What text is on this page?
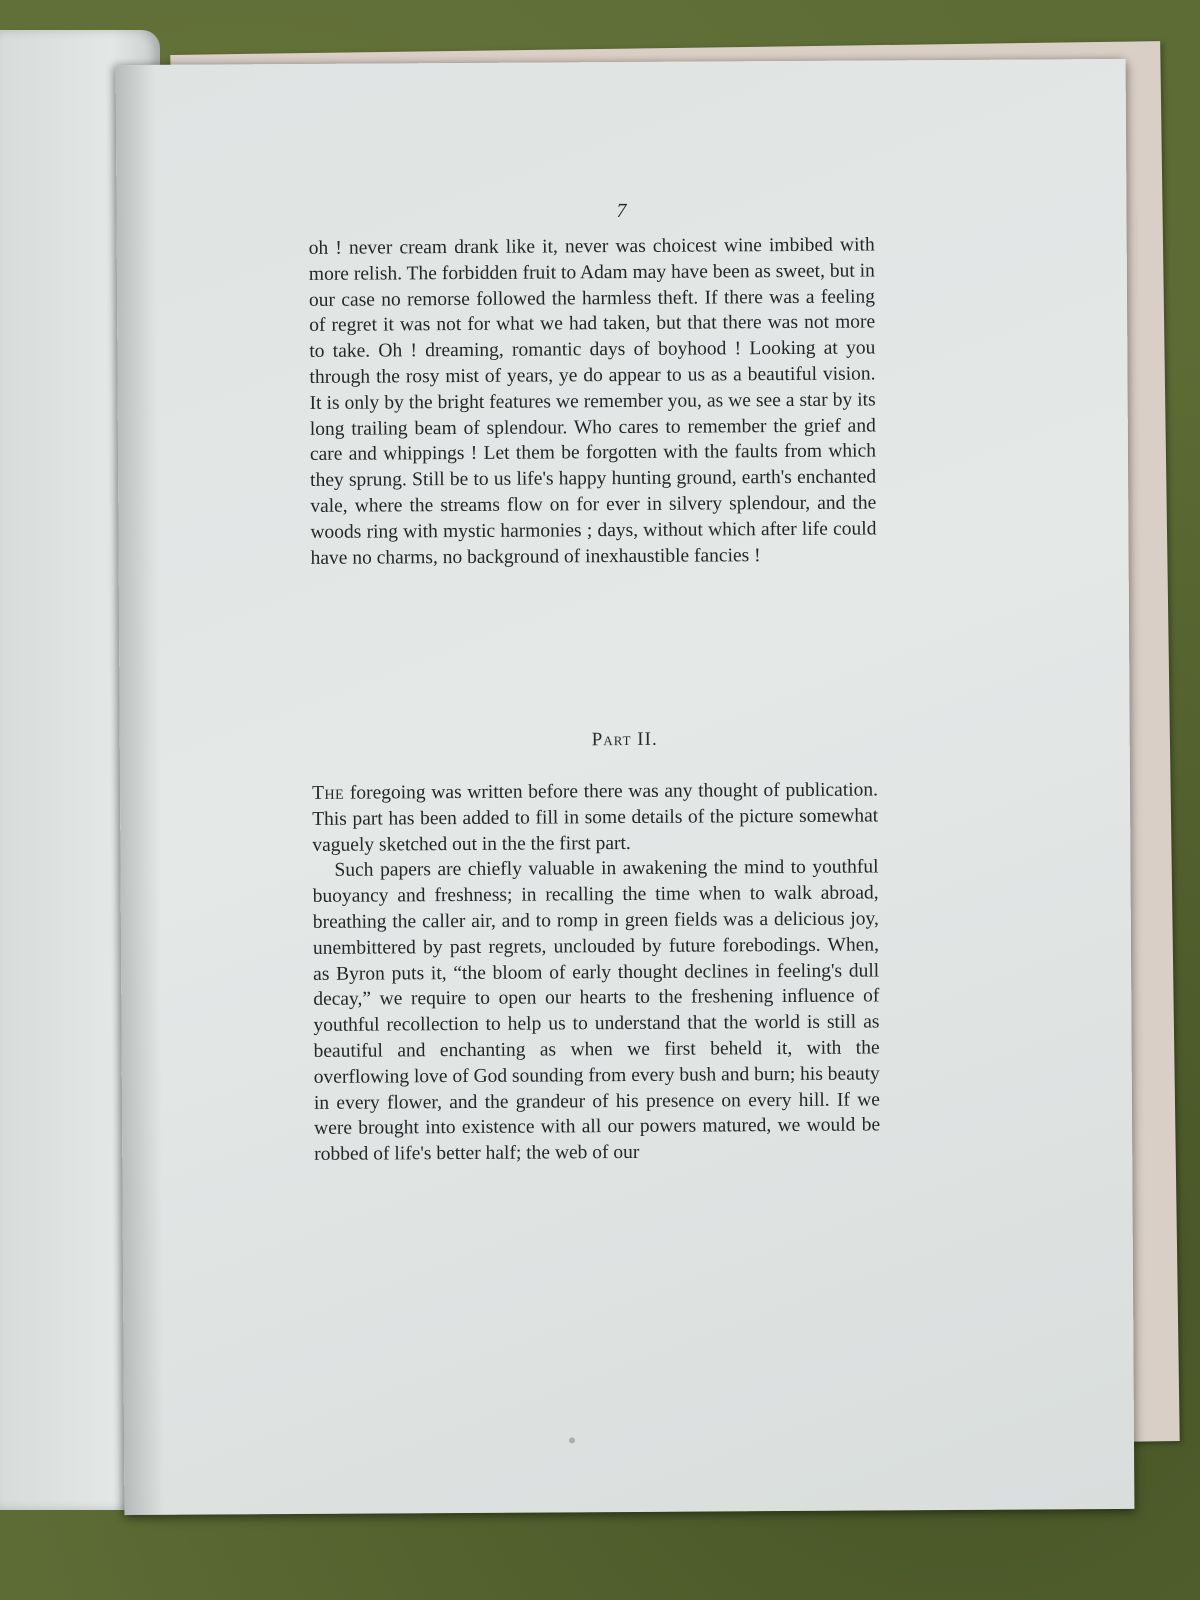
7
oh ! never cream drank like it, never was choicest wine imbibed with more relish. The forbidden fruit to Adam may have been as sweet, but in our case no remorse followed the harmless theft. If there was a feeling of regret it was not for what we had taken, but that there was not more to take. Oh ! dreaming, romantic days of boyhood ! Looking at you through the rosy mist of years, ye do appear to us as a beautiful vision. It is only by the bright features we remember you, as we see a star by its long trailing beam of splendour. Who cares to remember the grief and care and whippings ! Let them be forgotten with the faults from which they sprung. Still be to us life's happy hunting ground, earth's enchanted vale, where the streams flow on for ever in silvery splendour, and the woods ring with mystic harmonies ; days, without which after life could have no charms, no background of inexhaustible fancies !
Part II.

The foregoing was written before there was any thought of publication. This part has been added to fill in some details of the picture somewhat vaguely sketched out in the the first part.

Such papers are chiefly valuable in awakening the mind to youthful buoyancy and freshness; in recalling the time when to walk abroad, breathing the caller air, and to romp in green fields was a delicious joy, unembittered by past regrets, unclouded by future forebodings. When, as Byron puts it, “the bloom of early thought declines in feeling's dull decay,” we require to open our hearts to the freshening influence of youthful recollection to help us to understand that the world is still as beautiful and enchanting as when we first beheld it, with the overflowing love of God sounding from every bush and burn; his beauty in every flower, and the grandeur of his presence on every hill. If we were brought into existence with all our powers matured, we would be robbed of life's better half; the web of our
